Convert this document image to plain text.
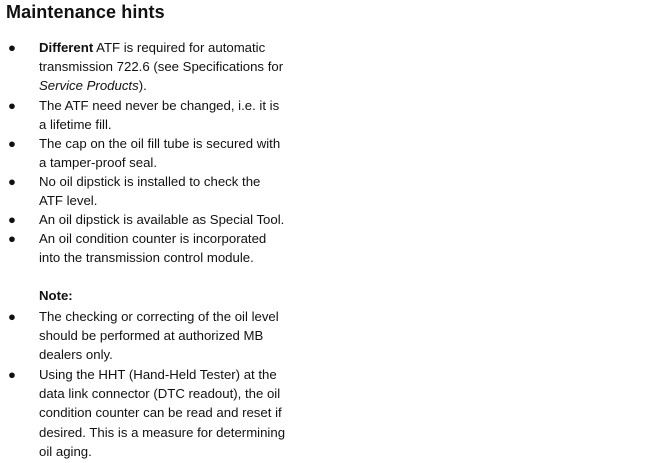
Maintenance hints
● Different ATF is required for automatic
transmission 722.6 (see Specifications for
Service Products).
● The ATF need never be changed, i.e. it is
a lifetime fill.
● The cap on the oil fill tube is secured with
a tamper-proof seal.
● No oil dipstick is installed to check the
ATF level.
● An oil dipstick is available as Special Tool.
● An oil condition counter is incorporated
into the transmission control module.
Note:
● The checking or correcting of the oil level
should be performed at authorized MB
dealers only.
● Using the HHT (Hand-Held Tester) at the
data link connector (DTC readout), the oil
condition counter can be read and reset if
desired. This is a measure for determining
oil aging.
